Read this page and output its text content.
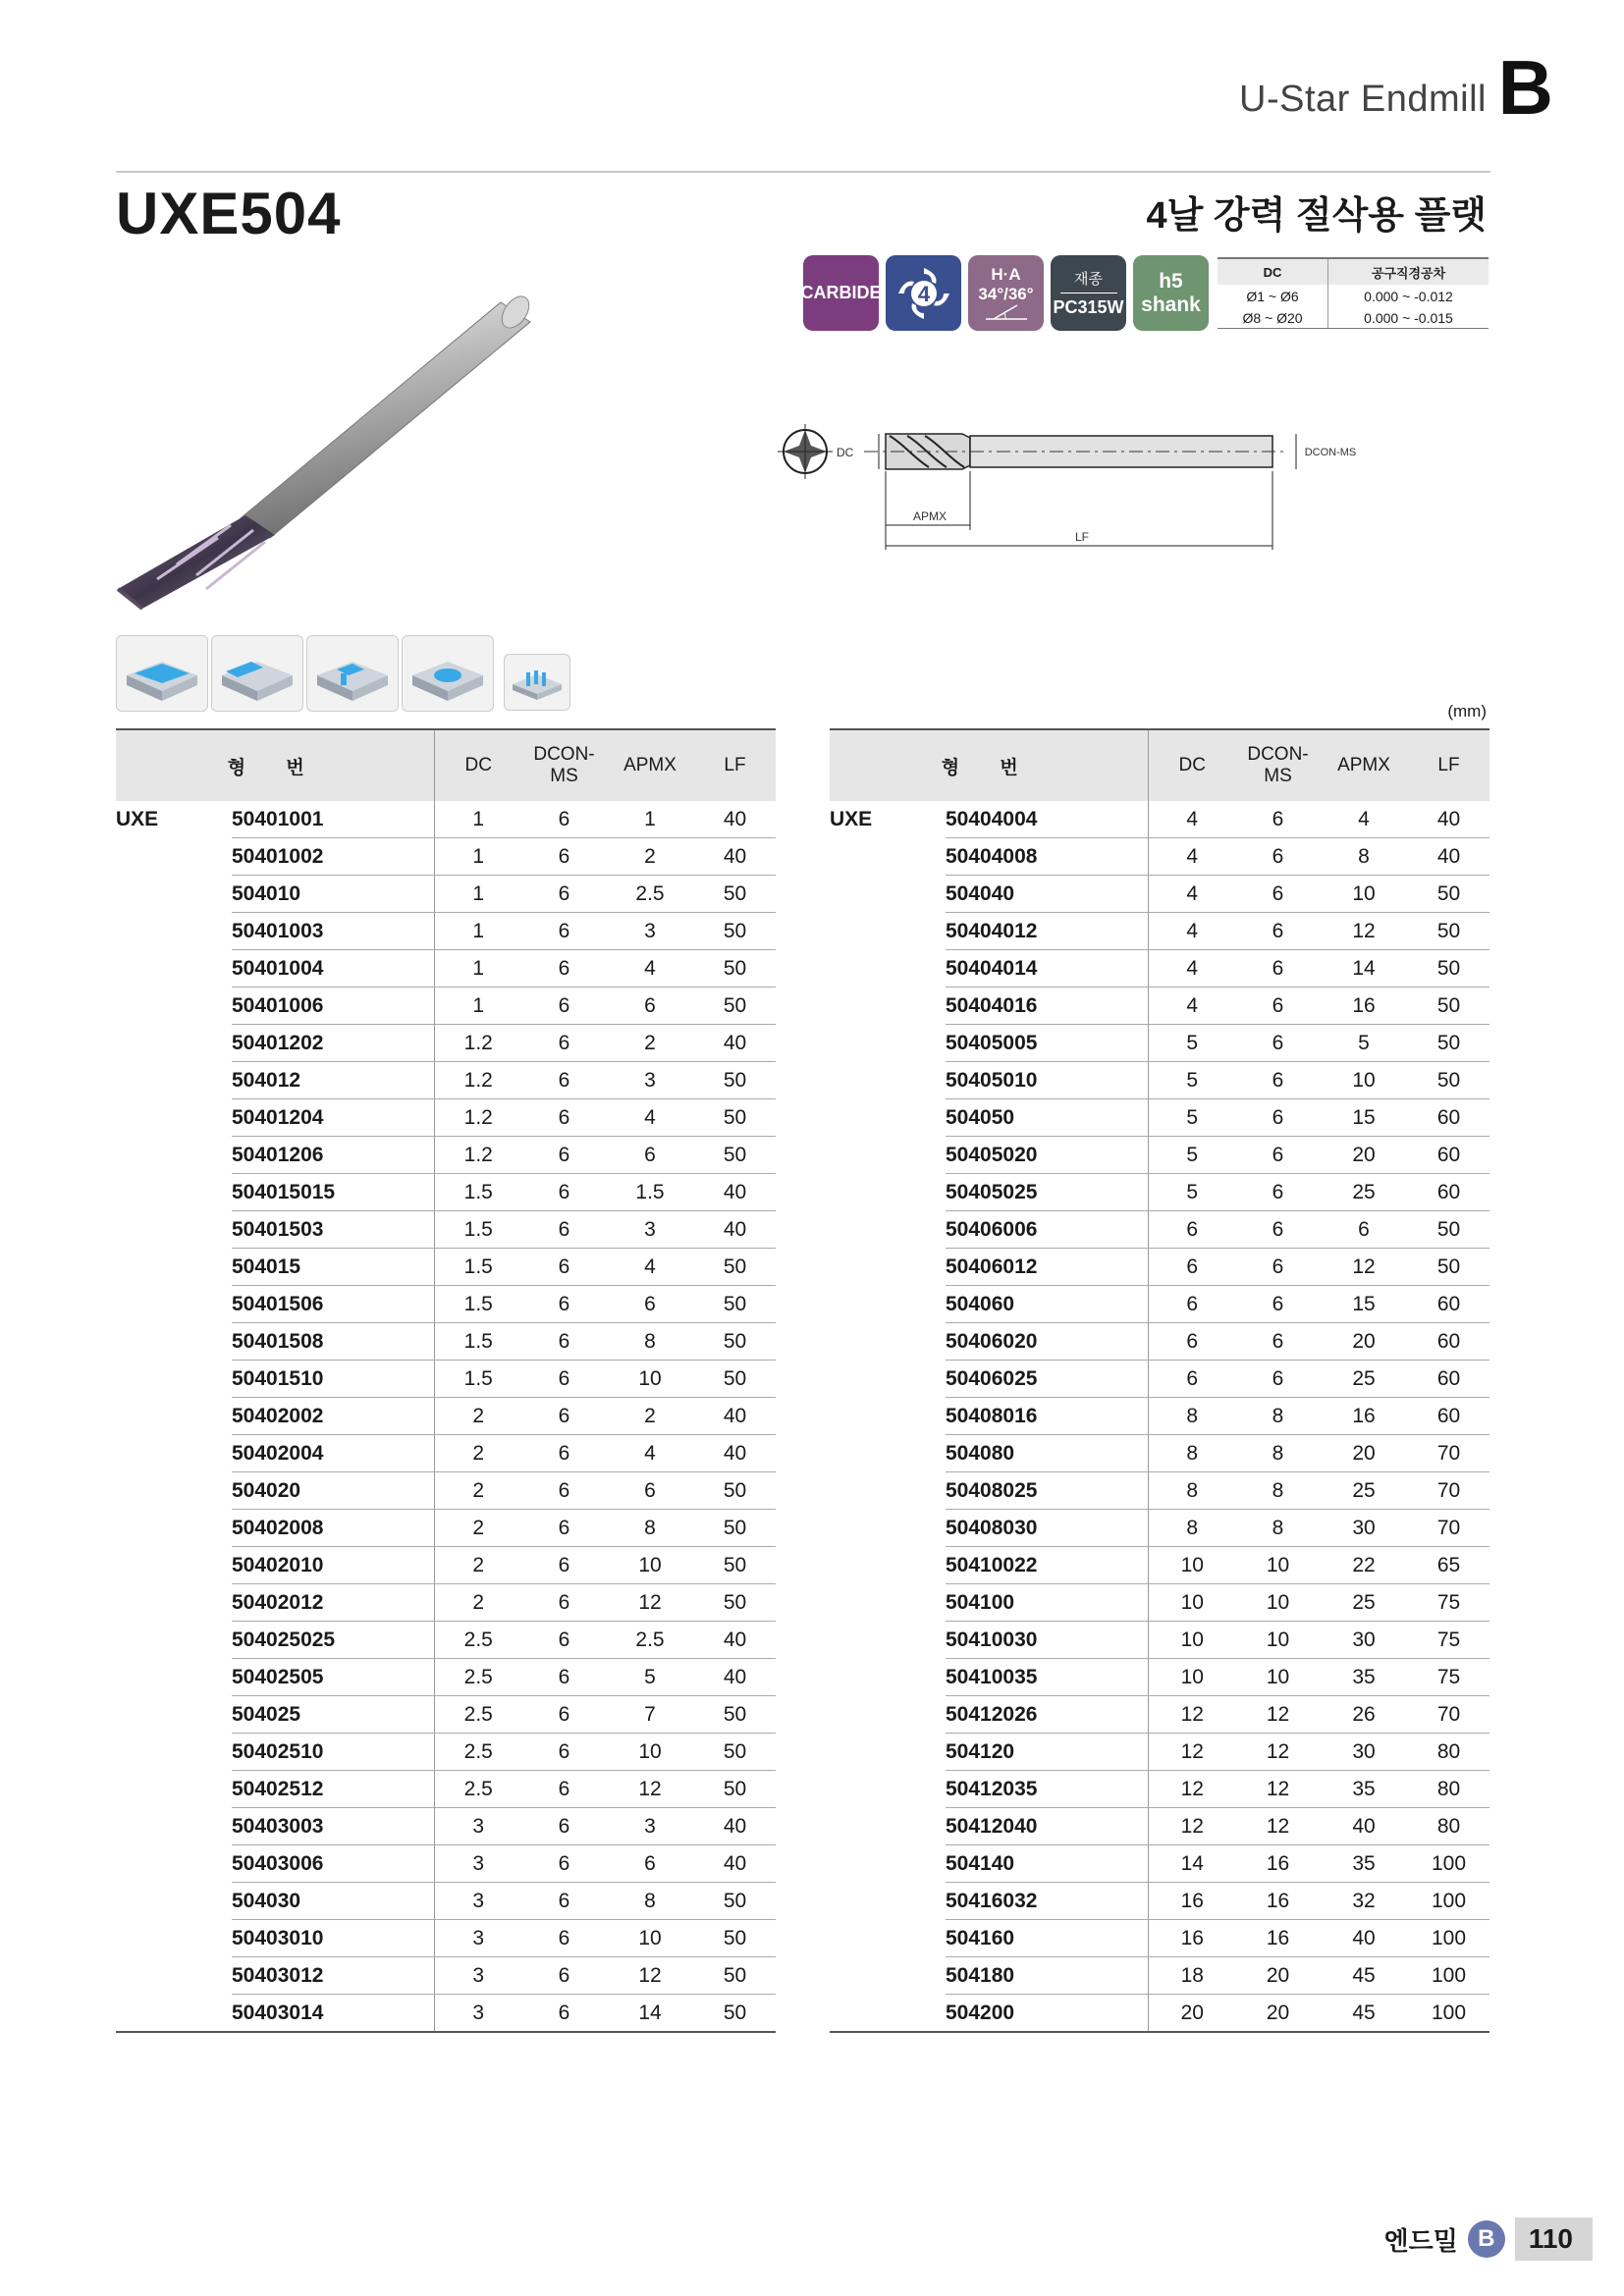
U-Star Endmill B
UXE504	4날 강력 절삭용 플랫
CARBIDE 4
H·A
34°/36°
재종
PC315W
h5
shank
DC	공구직경공차
Ø1 ~ Ø6	0.000 ~ -0.012
Ø8 ~ Ø20	0.000 ~ -0.015
DC	DCON-MS
APMX
LF
(mm)
형 번		DC	DCON-MS	APMX	LF
UXE	50401001	1	6	1	40
	50401002	1	6	2	40
	504010	1	6	2.5	50
	50401003	1	6	3	50
	50401004	1	6	4	50
	50401006	1	6	6	50
	50401202	1.2	6	2	40
	504012	1.2	6	3	50
	50401204	1.2	6	4	50
	50401206	1.2	6	6	50
	504015015	1.5	6	1.5	40
	50401503	1.5	6	3	40
	504015	1.5	6	4	50
	50401506	1.5	6	6	50
	50401508	1.5	6	8	50
	50401510	1.5	6	10	50
	50402002	2	6	2	40
	50402004	2	6	4	40
	504020	2	6	6	50
	50402008	2	6	8	50
	50402010	2	6	10	50
	50402012	2	6	12	50
	504025025	2.5	6	2.5	40
	50402505	2.5	6	5	40
	504025	2.5	6	7	50
	50402510	2.5	6	10	50
	50402512	2.5	6	12	50
	50403003	3	6	3	40
	50403006	3	6	6	40
	504030	3	6	8	50
	50403010	3	6	10	50
	50403012	3	6	12	50
	50403014	3	6	14	50
형 번		DC	DCON-MS	APMX	LF
UXE	50404004	4	6	4	40
	50404008	4	6	8	40
	504040	4	6	10	50
	50404012	4	6	12	50
	50404014	4	6	14	50
	50404016	4	6	16	50
	50405005	5	6	5	50
	50405010	5	6	10	50
	504050	5	6	15	60
	50405020	5	6	20	60
	50405025	5	6	25	60
	50406006	6	6	6	50
	50406012	6	6	12	50
	504060	6	6	15	60
	50406020	6	6	20	60
	50406025	6	6	25	60
	50408016	8	8	16	60
	504080	8	8	20	70
	50408025	8	8	25	70
	50408030	8	8	30	70
	50410022	10	10	22	65
	504100	10	10	25	75
	50410030	10	10	30	75
	50410035	10	10	35	75
	50412026	12	12	26	70
	504120	12	12	30	80
	50412035	12	12	35	80
	50412040	12	12	40	80
	504140	14	16	35	100
	50416032	16	16	32	100
	504160	16	16	40	100
	504180	18	20	45	100
	504200	20	20	45	100
엔드밀 B	110
